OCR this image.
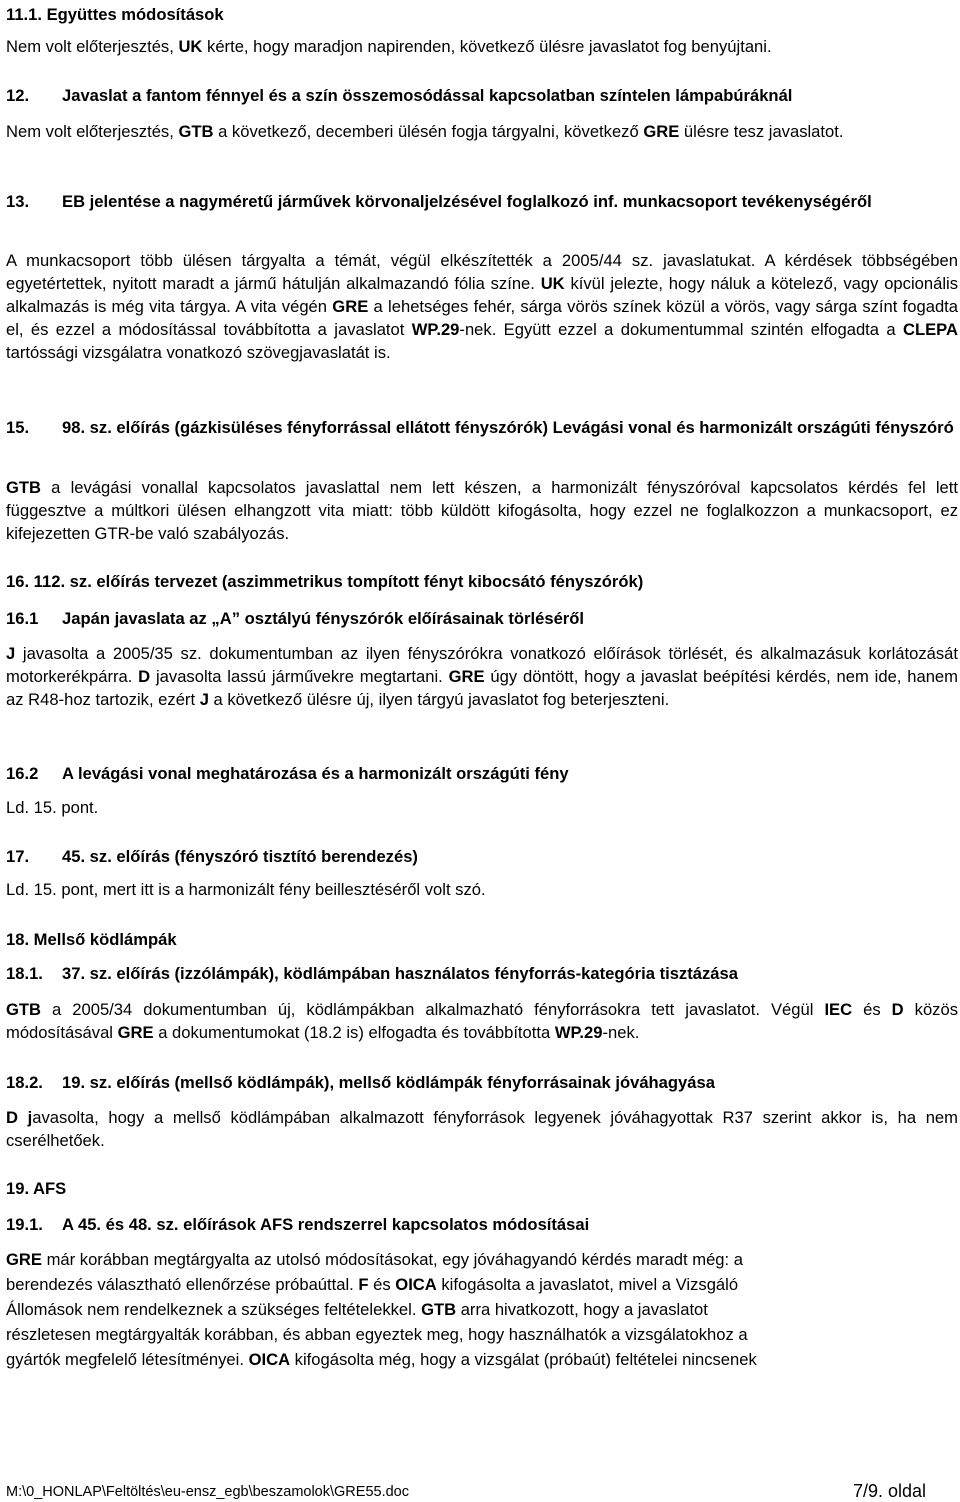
11.1. Együttes módosítások

Nem volt előterjesztés, UK kérte, hogy maradjon napirenden, következő ülésre javaslatot fog benyújtani.

12. Javaslat a fantom fénnyel és a szín összemosódással kapcsolatban színtelen lámpabúráknál

Nem volt előterjesztés, GTB a következő, decemberi ülésén fogja tárgyalni, következő GRE ülésre tesz javaslatot.

13. EB jelentése a nagyméretű járművek körvonaljelzésével foglalkozó inf. munkacsoport tevékenységéről

A munkacsoport több ülésen tárgyalta a témát, végül elkészítették a 2005/44 sz. javaslatukat. A kérdések többségében egyetértettek, nyitott maradt a jármű hátulján alkalmazandó fólia színe. UK kívül jelezte, hogy náluk a kötelező, vagy opcionális alkalmazás is még vita tárgya. A vita végén GRE a lehetséges fehér, sárga vörös színek közül a vörös, vagy sárga színt fogadta el, és ezzel a módosítással továbbította a javaslatot WP.29-nek. Együtt ezzel a dokumentummal szintén elfogadta a CLEPA tartóssági vizsgálatra vonatkozó szövegjavaslatát is.

15. 98. sz. előírás (gázkisüléses fényforrással ellátott fényszórók) Levágási vonal és harmonizált országúti fényszóró

GTB a levágási vonallal kapcsolatos javaslattal nem lett készen, a harmonizált fényszóróval kapcsolatos kérdés fel lett függesztve a múltkori ülésen elhangzott vita miatt: több küldött kifogásolta, hogy ezzel ne foglalkozzon a munkacsoport, ez kifejezetten GTR-be való szabályozás.

16. 112. sz. előírás tervezet (aszimmetrikus tompított fényt kibocsátó fényszórók)

16.1 Japán javaslata az „A” osztályú fényszórók előírásainak törléséről

J javasolta a 2005/35 sz. dokumentumban az ilyen fényszórókra vonatkozó előírások törlését, és alkalmazásuk korlátozását motorkerékpárra. D javasolta lassú járművekre megtartani. GRE úgy döntött, hogy a javaslat beépítési kérdés, nem ide, hanem az R48-hoz tartozik, ezért J a következő ülésre új, ilyen tárgyú javaslatot fog beterjeszteni.

16.2 A levágási vonal meghatározása és a harmonizált országúti fény

Ld. 15. pont.

17. 45. sz. előírás (fényszóró tisztító berendezés)

Ld. 15. pont, mert itt is a harmonizált fény beillesztéséről volt szó.

18. Mellső ködlámpák

18.1. 37. sz. előírás (izzólámpák), ködlámpában használatos fényforrás-kategória tisztázása

GTB a 2005/34 dokumentumban új, ködlámpákban alkalmazható fényforrásokra tett javaslatot. Végül IEC és D közös módosításával GRE a dokumentumokat (18.2 is) elfogadta és továbbította WP.29-nek.

18.2. 19. sz. előírás (mellső ködlámpák), mellső ködlámpák fényforrásainak jóváhagyása

D javasolta, hogy a mellső ködlámpában alkalmazott fényforrások legyenek jóváhagyottak R37 szerint akkor is, ha nem cserélhetőek.

19. AFS

19.1. A 45. és 48. sz. előírások AFS rendszerrel kapcsolatos módosításai

GRE már korábban megtárgyalta az utolsó módosításokat, egy jóváhagyandó kérdés maradt még: a
berendezés választható ellenőrzése próbaúttal. F és OICA kifogásolta a javaslatot, mivel a Vizsgáló
Állomások nem rendelkeznek a szükséges feltételekkel. GTB arra hivatkozott, hogy a javaslatot
részletesen megtárgyalták korábban, és abban egyeztek meg, hogy használhatók a vizsgálatokhoz a
gyártók megfelelő létesítményei. OICA kifogásolta még, hogy a vizsgálat (próbaút) feltételei nincsenek
M:\0_HONLAP\Feltöltés\eu-ensz_egb\beszamolok\GRE55.doc	7/9. oldal
